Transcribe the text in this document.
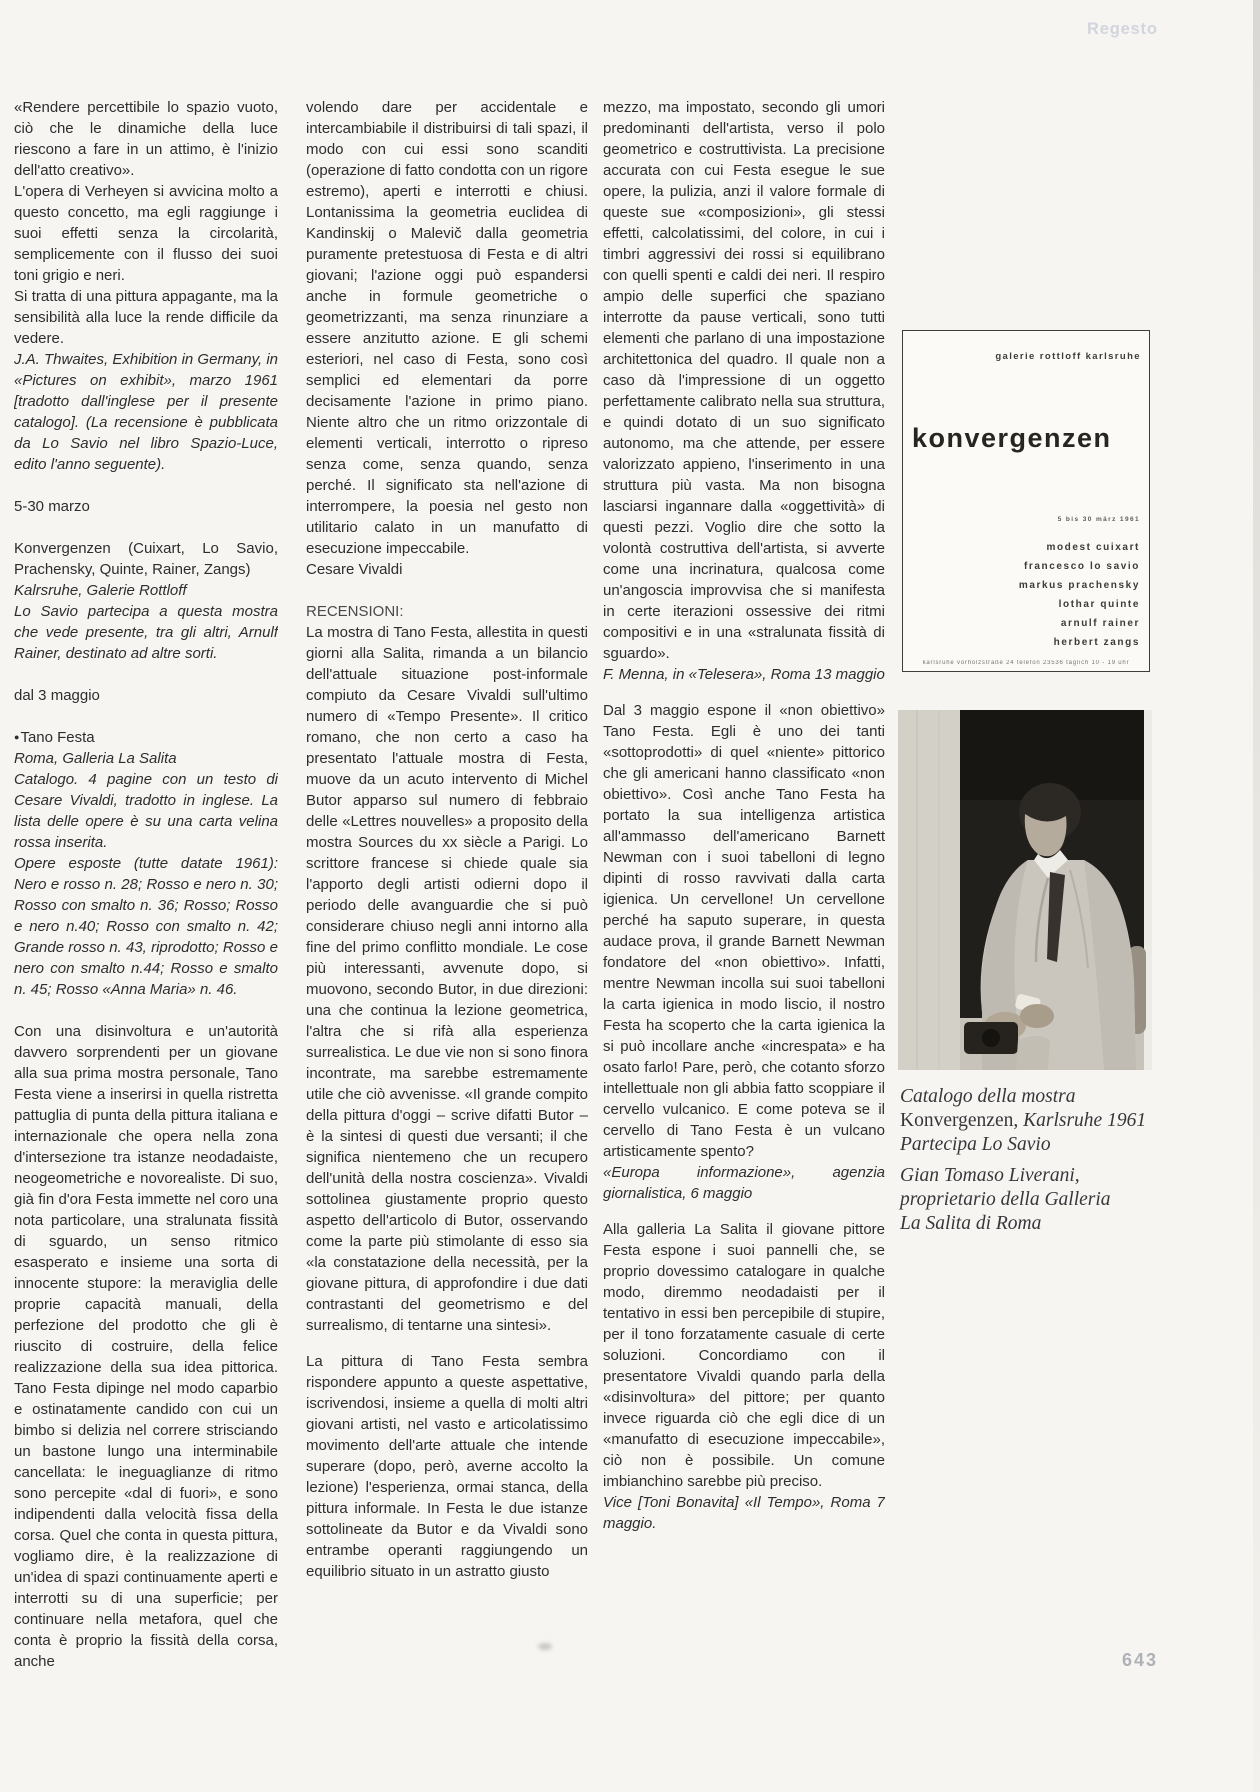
Regesto

«Rendere percettibile lo spazio vuoto, ciò che le dinamiche della luce riescono a fare in un attimo, è l'inizio dell'atto creativo».

L'opera di Verheyen si avvicina molto a questo concetto, ma egli raggiunge i suoi effetti senza la circolarità, semplicemente con il flusso dei suoi toni grigio e neri.

Si tratta di una pittura appagante, ma la sensibilità alla luce la rende difficile da vedere.

J.A. Thwaites, Exhibition in Germany, in «Pictures on exhibit», marzo 1961 [tradotto dall'inglese per il presente catalogo]. (La recensione è pubblicata da Lo Savio nel libro Spazio-Luce, edito l'anno seguente).

5-30 marzo

Konvergenzen (Cuixart, Lo Savio, Prachensky, Quinte, Rainer, Zangs)

Kalrsruhe, Galerie Rottloff

Lo Savio partecipa a questa mostra che vede presente, tra gli altri, Arnulf Rainer, destinato ad altre sorti.

dal 3 maggio

●Tano Festa

Roma, Galleria La Salita

Catalogo. 4 pagine con un testo di Cesare Vivaldi, tradotto in inglese. La lista delle opere è su una carta velina rossa inserita.

Opere esposte (tutte datate 1961): Nero e rosso n. 28; Rosso e nero n. 30; Rosso con smalto n. 36; Rosso; Rosso e nero n.40; Rosso con smalto n. 42; Grande rosso n. 43, riprodotto; Rosso e nero con smalto n.44; Rosso e smalto n. 45; Rosso «Anna Maria» n. 46.

Con una disinvoltura e un'autorità davvero sorprendenti per un giovane alla sua prima mostra personale, Tano Festa viene a inserirsi in quella ristretta pattuglia di punta della pittura italiana e internazionale che opera nella zona d'intersezione tra istanze neodadaiste, neogeometriche e novorealiste. Di suo, già fin d'ora Festa immette nel coro una nota particolare, una stralunata fissità di sguardo, un senso ritmico esasperato e insieme una sorta di innocente stupore: la meraviglia delle proprie capacità manuali, della perfezione del prodotto che gli è riuscito di costruire, della felice realizzazione della sua idea pittorica. Tano Festa dipinge nel modo caparbio e ostinatamente candido con cui un bimbo si delizia nel correre strisciando un bastone lungo una interminabile cancellata: le ineguaglianze di ritmo sono percepite «dal di fuori», e sono indipendenti dalla velocità fissa della corsa. Quel che conta in questa pittura, vogliamo dire, è la realizzazione di un'idea di spazi continuamente aperti e interrotti su di una superficie; per continuare nella metafora, quel che conta è proprio la fissità della corsa, anche

volendo dare per accidentale e intercambiabile il distribuirsi di tali spazi, il modo con cui essi sono scanditi (operazione di fatto condotta con un rigore estremo), aperti e interrotti e chiusi. Lontanissima la geometria euclidea di Kandinskij o Malevič dalla geometria puramente pretestuosa di Festa e di altri giovani; l'azione oggi può espandersi anche in formule geometriche o geometrizzanti, ma senza rinunziare a essere anzitutto azione. E gli schemi esteriori, nel caso di Festa, sono così semplici ed elementari da porre decisamente l'azione in primo piano. Niente altro che un ritmo orizzontale di elementi verticali, interrotto o ripreso senza come, senza quando, senza perché. Il significato sta nell'azione di interrompere, la poesia nel gesto non utilitario calato in un manufatto di esecuzione impeccabile.

Cesare Vivaldi

RECENSIONI:

La mostra di Tano Festa, allestita in questi giorni alla Salita, rimanda a un bilancio dell'attuale situazione post-informale compiuto da Cesare Vivaldi sull'ultimo numero di «Tempo Presente». Il critico romano, che non certo a caso ha presentato l'attuale mostra di Festa, muove da un acuto intervento di Michel Butor apparso sul numero di febbraio delle «Lettres nouvelles» a proposito della mostra Sources du xx siècle a Parigi. Lo scrittore francese si chiede quale sia l'apporto degli artisti odierni dopo il periodo delle avanguardie che si può considerare chiuso negli anni intorno alla fine del primo conflitto mondiale. Le cose più interessanti, avvenute dopo, si muovono, secondo Butor, in due direzioni: una che continua la lezione geometrica, l'altra che si rifà alla esperienza surrealistica. Le due vie non si sono finora incontrate, ma sarebbe estremamente utile che ciò avvenisse. «Il grande compito della pittura d'oggi – scrive difatti Butor – è la sintesi di questi due versanti; il che significa nientemeno che un recupero dell'unità della nostra coscienza». Vivaldi sottolinea giustamente proprio questo aspetto dell'articolo di Butor, osservando come la parte più stimolante di esso sia «la constatazione della necessità, per la giovane pittura, di approfondire i due dati contrastanti del geometrismo e del surrealismo, di tentarne una sintesi».

La pittura di Tano Festa sembra rispondere appunto a queste aspettative, iscrivendosi, insieme a quella di molti altri giovani artisti, nel vasto e articolatissimo movimento dell'arte attuale che intende superare (dopo, però, averne accolto la lezione) l'esperienza, ormai stanca, della pittura informale. In Festa le due istanze sottolineate da Butor e da Vivaldi sono entrambe operanti raggiungendo un equilibrio situato in un astratto giusto

mezzo, ma impostato, secondo gli umori predominanti dell'artista, verso il polo geometrico e costruttivista. La precisione accurata con cui Festa esegue le sue opere, la pulizia, anzi il valore formale di queste sue «composizioni», gli stessi effetti, calcolatissimi, del colore, in cui i timbri aggressivi dei rossi si equilibrano con quelli spenti e caldi dei neri. Il respiro ampio delle superfici che spaziano interrotte da pause verticali, sono tutti elementi che parlano di una impostazione architettonica del quadro. Il quale non a caso dà l'impressione di un oggetto perfettamente calibrato nella sua struttura, e quindi dotato di un suo significato autonomo, ma che attende, per essere valorizzato appieno, l'inserimento in una struttura più vasta. Ma non bisogna lasciarsi ingannare dalla «oggettività» di questi pezzi. Voglio dire che sotto la volontà costruttiva dell'artista, si avverte come una incrinatura, qualcosa come un'angoscia improvvisa che si manifesta in certe iterazioni ossessive dei ritmi compositivi e in una «stralunata fissità di sguardo».

F. Menna, in «Telesera», Roma 13 maggio

Dal 3 maggio espone il «non obiettivo» Tano Festa. Egli è uno dei tanti «sottoprodotti» di quel «niente» pittorico che gli americani hanno classificato «non obiettivo». Così anche Tano Festa ha portato la sua intelligenza artistica all'ammasso dell'americano Barnett Newman con i suoi tabelloni di legno dipinti di rosso ravvivati dalla carta igienica. Un cervellone! Un cervellone perché ha saputo superare, in questa audace prova, il grande Barnett Newman fondatore del «non obiettivo». Infatti, mentre Newman incolla sui suoi tabelloni la carta igienica in modo liscio, il nostro Festa ha scoperto che la carta igienica la si può incollare anche «increspata» e ha osato farlo! Pare, però, che cotanto sforzo intellettuale non gli abbia fatto scoppiare il cervello vulcanico. E come poteva se il cervello di Tano Festa è un vulcano artisticamente spento?

«Europa informazione», agenzia giornalistica, 6 maggio

Alla galleria La Salita il giovane pittore Festa espone i suoi pannelli che, se proprio dovessimo catalogare in qualche modo, diremmo neodadaisti per il tentativo in essi ben percepibile di stupire, per il tono forzatamente casuale di certe soluzioni. Concordiamo con il presentatore Vivaldi quando parla della «disinvoltura» del pittore; per quanto invece riguarda ciò che egli dice di un «manufatto di esecuzione impeccabile», ciò non è possibile. Un comune imbianchino sarebbe più preciso.

Vice [Toni Bonavita] «Il Tempo», Roma 7 maggio.

galerie rottloff karlsruhe
konvergenzen
5 bis 30 märz 1961
modest cuixart
francesco lo savio
markus prachensky
lothar quinte
arnulf rainer
herbert zangs
karlsruhe vorholzstraße 24 telefon 23536 täglich 10 - 19 uhr
Catalogo della mostra
Konvergenzen, Karlsruhe 1961
Partecipa Lo Savio
Gian Tomaso Liverani,
proprietario della Galleria
La Salita di Roma
643
